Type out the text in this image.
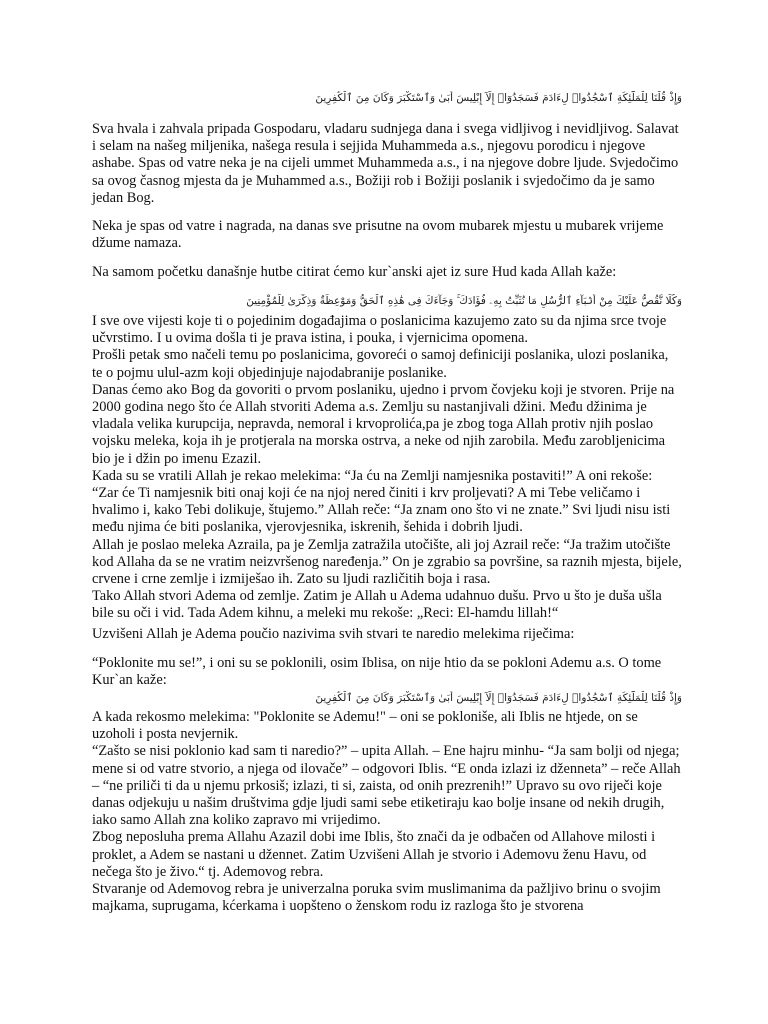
وَإِذْ قُلْنَا لِلْمَلَٰٓئِكَةِ ٱسْجُدُوا۟ لِءَادَمَ فَسَجَدُوٓا۟ إِلَّآ إِبْلِيسَ أَبَىٰ وَٱسْتَكْبَرَ وَكَانَ مِنَ ٱلْكَٰفِرِينَ

Sva hvala i zahvala pripada Gospodaru, vladaru sudnjega dana i svega vidljivog i nevidljivog. Salavat i selam na našeg miljenika, našega resula i sejjida Muhammeda a.s., njegovu porodicu i njegove ashabe. Spas od vatre neka je na cijeli ummet Muhammeda a.s., i na njegove dobre ljude. Svjedočimo sa ovog časnog mjesta da je Muhammed a.s., Božiji rob i Božiji poslanik i svjedočimo da je samo jedan Bog.

Neka je spas od vatre i nagrada, na danas sve prisutne na ovom mubarek mjestu u mubarek vrijeme džume namaza.

Na samom početku današnje hutbe citirat ćemo kur`anski ajet iz sure Hud kada Allah kaže:

وَكُلًّا نَّقُصُّ عَلَيْكَ مِنْ أَنۢبَآءِ ٱلرُّسُلِ مَا نُثَبِّتُ بِهِۦ فُؤَادَكَ ۚ وَجَآءَكَ فِى هَٰذِهِ ٱلْحَقُّ وَمَوْعِظَةٌ وَذِكْرَىٰ لِلْمُؤْمِنِينَ

I sve ove vijesti koje ti o pojedinim događajima o poslanicima kazujemo zato su da njima srce tvoje učvrstimo. I u ovima došla ti je prava istina, i pouka, i vjernicima opomena.
Prošli petak smo načeli temu po poslanicima, govoreći o samoj definiciji poslanika, ulozi poslanika, te o pojmu ulul-azm koji objedinjuje najodabranije poslanike.
Danas ćemo ako Bog da govoriti o prvom poslaniku, ujedno i prvom čovjeku koji je stvoren. Prije na 2000 godina nego što će Allah stvoriti Adema a.s. Zemlju su nastanjivali džini. Među džinima je vladala velika kurupcija, nepravda, nemoral i krvoprolića,pa je zbog toga Allah protiv njih poslao vojsku meleka, koja ih je protjerala na morska ostrva, a neke od njih zarobila. Među zarobljenicima bio je i džin po imenu Ezazil.
Kada su se vratili Allah je rekao melekima: “Ja ću na Zemlji namjesnika postaviti!” A oni rekoše: “Zar će Ti namjesnik biti onaj koji će na njoj nered činiti i krv proljevati? A mi Tebe veličamo i hvalimo i, kako Tebi dolikuje, štujemo.” Allah reče: “Ja znam ono što vi ne znate.” Svi ljudi nisu isti među njima će biti poslanika, vjerovjesnika, iskrenih, šehida i dobrih ljudi.
Allah je poslao meleka Azraila, pa je Zemlja zatražila utočište, ali joj Azrail reče: “Ja tražim utočište kod Allaha da se ne vratim neizvršenog naređenja.” On je zgrabio sa površine, sa raznih mjesta, bijele, crvene i crne zemlje i izmiješao ih. Zato su ljudi različitih boja i rasa.
Tako Allah stvori Adema od zemlje. Zatim je Allah u Adema udahnuo dušu. Prvo u što je duša ušla bile su oči i vid. Tada Adem kihnu, a meleki mu rekoše: „Reci: El-hamdu lillah!“

Uzvišeni Allah je Adema poučio nazivima svih stvari te naredio melekima riječima:

“Poklonite mu se!”, i oni su se poklonili, osim Iblisa, on nije htio da se pokloni Ademu a.s. O tome Kur`an kaže:

وَإِذْ قُلْنَا لِلْمَلَٰٓئِكَةِ ٱسْجُدُوا۟ لِءَادَمَ فَسَجَدُوٓا۟ إِلَّآ إِبْلِيسَ أَبَىٰ وَٱسْتَكْبَرَ وَكَانَ مِنَ ٱلْكَٰفِرِينَ

A kada rekosmo melekima: "Poklonite se Ademu!" – oni se pokloniše, ali Iblis ne htjede, on se uzoholi i posta nevjernik.
“Zašto se nisi poklonio kad sam ti naredio?” – upita Allah. – Ene hajru minhu- “Ja sam bolji od njega; mene si od vatre stvorio, a njega od ilovače” – odgovori Iblis. “E onda izlazi iz dženneta” – reče Allah – “ne priliči ti da u njemu prkosiš; izlazi, ti si, zaista, od onih prezrenih!” Upravo su ovo riječi koje danas odjekuju u našim društvima gdje ljudi sami sebe etiketiraju kao bolje insane od nekih drugih, iako samo Allah zna koliko zapravo mi vrijedimo.
Zbog neposluha prema Allahu Azazil dobi ime Iblis, što znači da je odbačen od Allahove milosti i proklet, a Adem se nastani u džennet. Zatim Uzvišeni Allah je stvorio i Ademovu ženu Havu, od nečega što je živo.“ tj. Ademovog rebra.
Stvaranje od Ademovog rebra je univerzalna poruka svim muslimanima da pažljivo brinu o svojim majkama, suprugama, kćerkama i uopšteno o ženskom rodu iz razloga što je stvorena
